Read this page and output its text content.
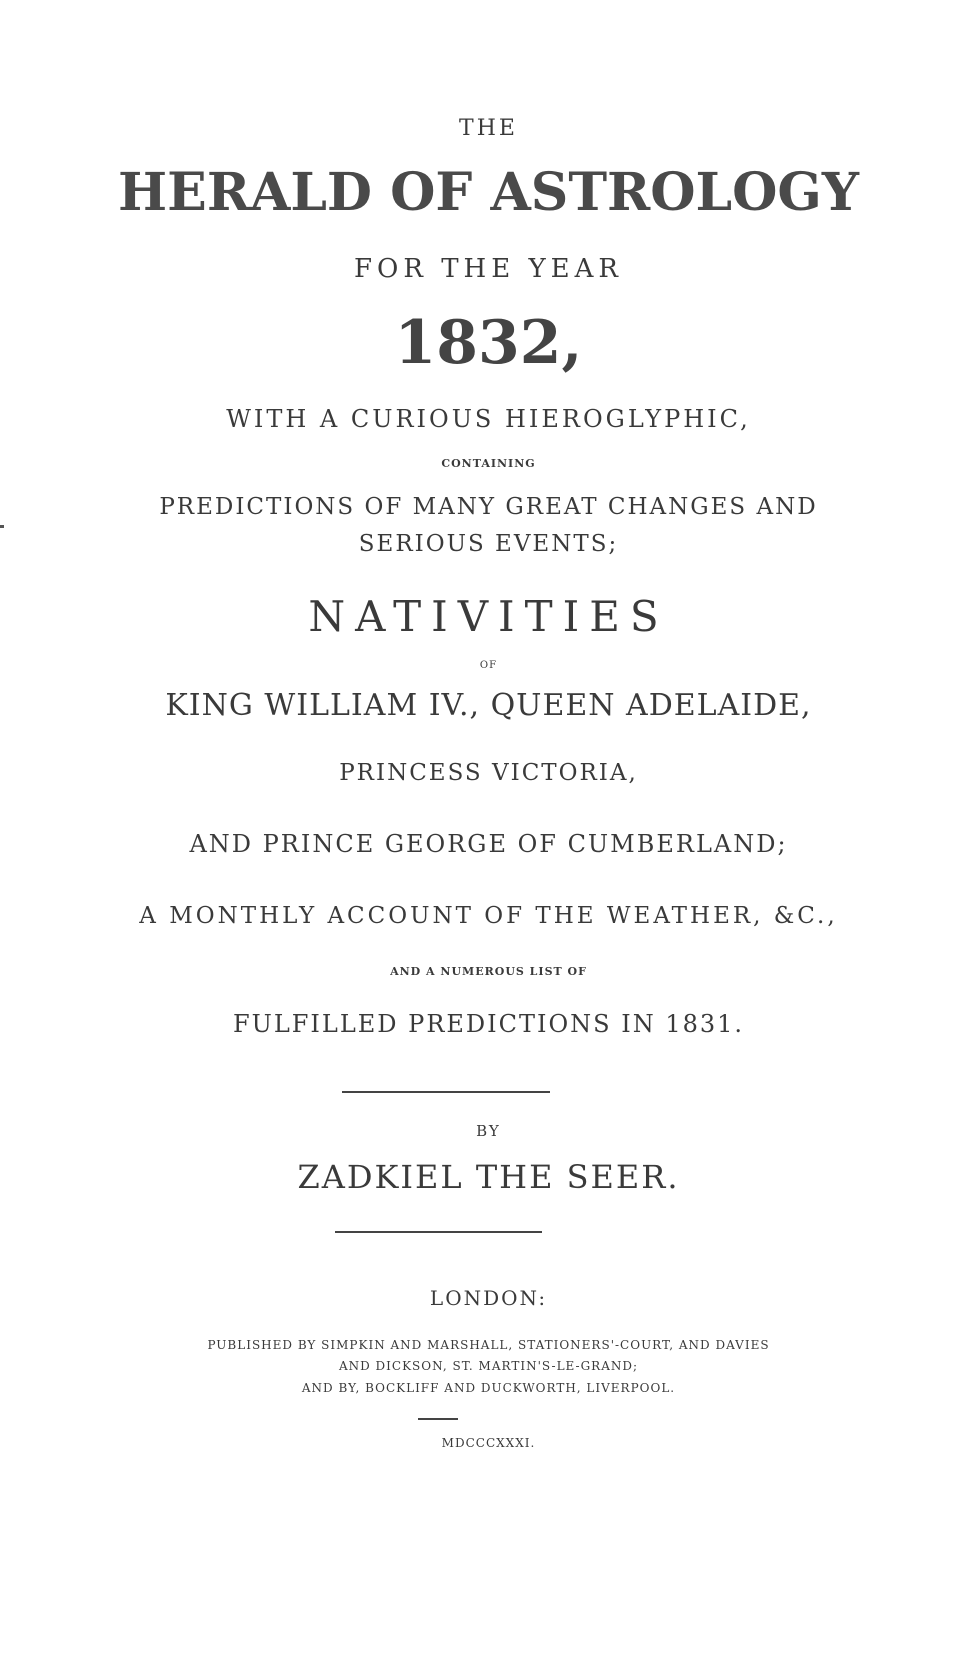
THE

HERALD OF ASTROLOGY

FOR THE YEAR

1832,

WITH A CURIOUS HIEROGLYPHIC,

CONTAINING

PREDICTIONS OF MANY GREAT CHANGES AND

SERIOUS EVENTS;

NATIVITIES

OF

KING WILLIAM IV., QUEEN ADELAIDE,

PRINCESS VICTORIA,

AND PRINCE GEORGE OF CUMBERLAND;

A MONTHLY ACCOUNT OF THE WEATHER, &C.,

AND A NUMEROUS LIST OF

FULFILLED PREDICTIONS IN 1831.

BY

ZADKIEL THE SEER.

LONDON:

PUBLISHED BY SIMPKIN AND MARSHALL, STATIONERS'-COURT, AND DAVIES

AND DICKSON, ST. MARTIN'S-LE-GRAND;

AND BY, BOCKLIFF AND DUCKWORTH, LIVERPOOL.

MDCCCXXXI.
